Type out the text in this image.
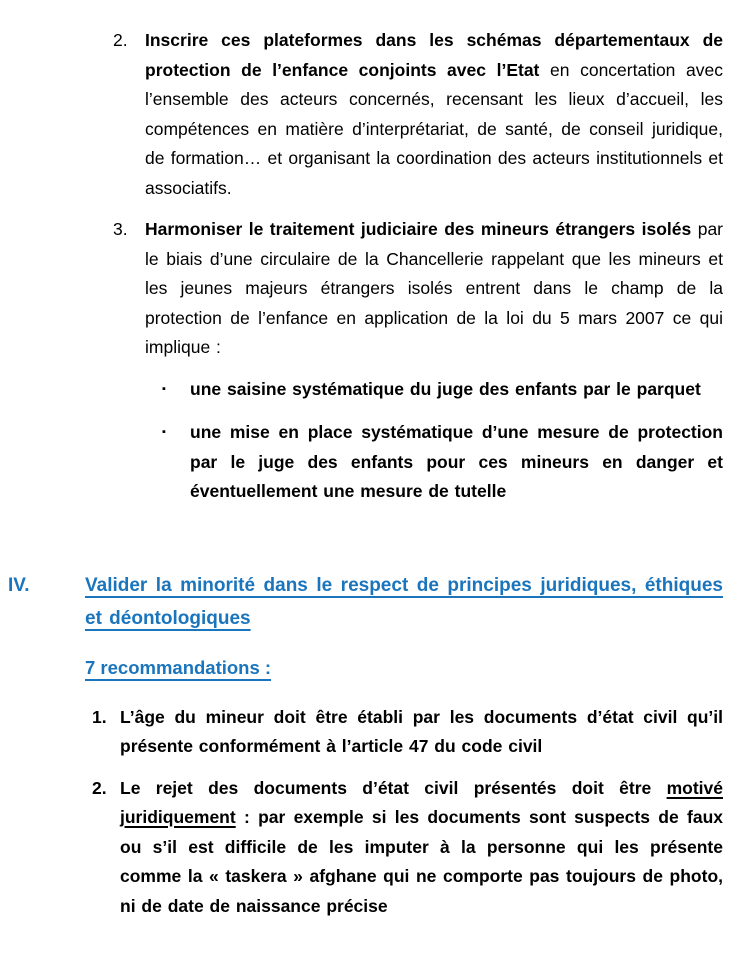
2. Inscrire ces plateformes dans les schémas départementaux de protection de l’enfance conjoints avec l’Etat en concertation avec l’ensemble des acteurs concernés, recensant les lieux d’accueil, les compétences en matière d’interprétariat, de santé, de conseil juridique, de formation… et organisant la coordination des acteurs institutionnels et associatifs.

3. Harmoniser le traitement judiciaire des mineurs étrangers isolés par le biais d’une circulaire de la Chancellerie rappelant que les mineurs et les jeunes majeurs étrangers isolés entrent dans le champ de la protection de l’enfance en application de la loi du 5 mars 2007 ce qui implique :

▪	une saisine systématique du juge des enfants par le parquet

▪	une mise en place systématique d’une mesure de protection par le juge des enfants pour ces mineurs en danger et éventuellement une mesure de tutelle

IV.	Valider la minorité dans le respect de principes juridiques, éthiques et déontologiques
7 recommandations :
1. L’âge du mineur doit être établi par les documents d’état civil qu’il présente conformément à l’article 47 du code civil

2. Le rejet des documents d’état civil présentés doit être motivé juridiquement : par exemple si les documents sont suspects de faux ou s’il est difficile de les imputer à la personne qui les présente comme la « taskera » afghane qui ne comporte pas toujours de photo, ni de date de naissance précise
